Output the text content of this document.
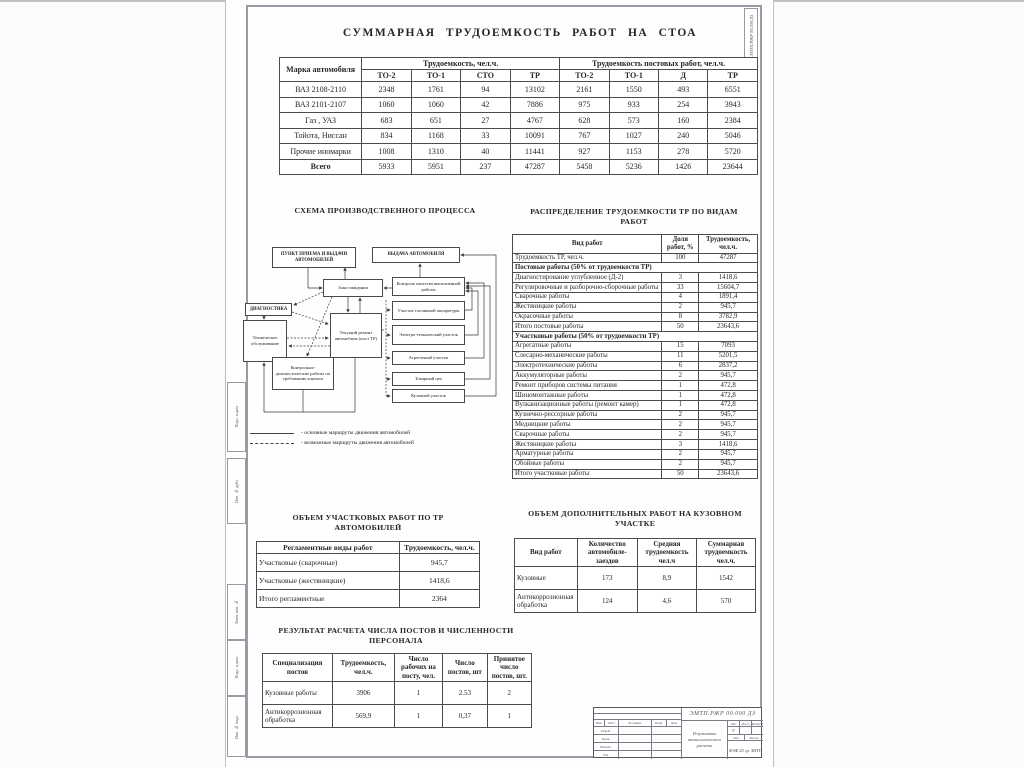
Подп. и дата
Инв. № дубл.
Взам. инв. №
Подп. и дата
Инв. № подл.
ЭМТП.РЖР 00.000 ДЗ
СУММАРНАЯ ТРУДОЕМКОСТЬ РАБОТ НА СТОА
Марка автомобиля	Трудоемкость, чел.ч.				Трудоемкость постовых работ, чел.ч.			
	ТО-2	ТО-1	СТО	ТР	ТО-2	ТО-1	Д	ТР
ВАЗ 2108-2110	2348	1761	94	13102	2161	1550	493	6551
ВАЗ 2101-2107	1060	1060	42	7886	975	933	254	3943
Газ , УАЗ	683	651	27	4767	628	573	160	2384
Тойота, Ниссан	834	1168	33	10091	767	1027	240	5046
Прочие иномарки	1008	1310	40	11441	927	1153	278	5720
Всего	5933	5951	237	47287	5458	5236	1426	23644
СХЕМА ПРОИЗВОДСТВЕННОГО ПРОЦЕССА
ПУНКТ ПРИЕМА И ВЫДАЧИ АВТОМОБИЛЕЙ
ВЫДАЧА АВТОМОБИЛЯ
Зона ожидания
Контроль качества выполненной работы
ДИАГНОСТИКА
Техническое обслуживание
Текущий ремонт автомобиля (пост ТР)
Участок топливной аппаратуры
Электро-технический участок
Агрегатный участок
Токарный цех
Кузовной участок
Контрольно-диагностические работы по требованию клиента
- основные маршруты движения автомобилей
- возможные маршруты движения автомобилей
РАСПРЕДЕЛЕНИЕ ТРУДОЕМКОСТИ ТР ПО ВИДАМ РАБОТ
Вид работ	Доля работ, %	Трудоемкость, чел.ч.
Трудоемкость ТР, чел.ч.	100	47287
Постовые работы (50% от трудоемкости ТР)		
Диагностирование углубленное (Д-2)	3	1418,6
Регулировочные и разборочно-сборочные работы	33	15604,7
Сварочные работы	4	1891,4
Жестяницкие работы	2	945,7
Окрасочные работы	8	3782,9
Итого постовые работы	50	23643,6
Участковые работы (50% от трудоемкости ТР)		
Агрегатные работы	15	7093
Слесарно-механические работы	11	5201,5
Электротехнические работы	6	2837,2
Аккумуляторные работы	2	945,7
Ремонт приборов системы питания	1	472,8
Шиномонтажные работы	1	472,8
Вулканизационные работы (ремонт камер)	1	472,8
Кузнечно-рессорные работы	2	945,7
Медницкие работы	2	945,7
Сварочные работы	2	945,7
Жестяницкие работы	3	1418,6
Арматурные работы	2	945,7
Обойные работы	2	945,7
Итого участковые работы	50	23643,6
ОБЪЕМ УЧАСТКОВЫХ РАБОТ ПО ТР АВТОМОБИЛЕЙ
Регламентные виды работ	Трудоемкость, чел.ч.
Участковые (сварочные)	945,7
Участковые (жестяницкие)	1418,6
Итого регламентные	2364
ОБЪЕМ ДОПОЛНИТЕЛЬНЫХ РАБОТ НА КУЗОВНОМ УЧАСТКЕ
Вид работ	Количество автомобиле-заездов	Средняя трудоемкость чел.ч	Суммарная трудоемкость чел.ч.
Кузовные	173	8,9	1542
Антикоррозионная обработка	124	4,6	570
РЕЗУЛЬТАТ РАСЧЕТА ЧИСЛА ПОСТОВ И ЧИСЛЕННОСТИ ПЕРСОНАЛА
Специализация постов	Трудоемкость, чел.ч.	Число рабочих на посту, чел.	Число постов, шт	Принятое число постов, шт.
Кузовные работы	3906	1	2.53	2
Антикоррозионная обработка	569,9	1	0,37	1
Изм.	Лист	№ докум.	Подп.	Дата
Разраб.
Пров.
Н.контр.
Утв.
ЭМТП.РЖР 00.000 ДЗ
Результаты технологического расчета
Лит.	Масса Масштаб
У
Лист	Листов
ФЗФ 45 гр. ЗИТП
